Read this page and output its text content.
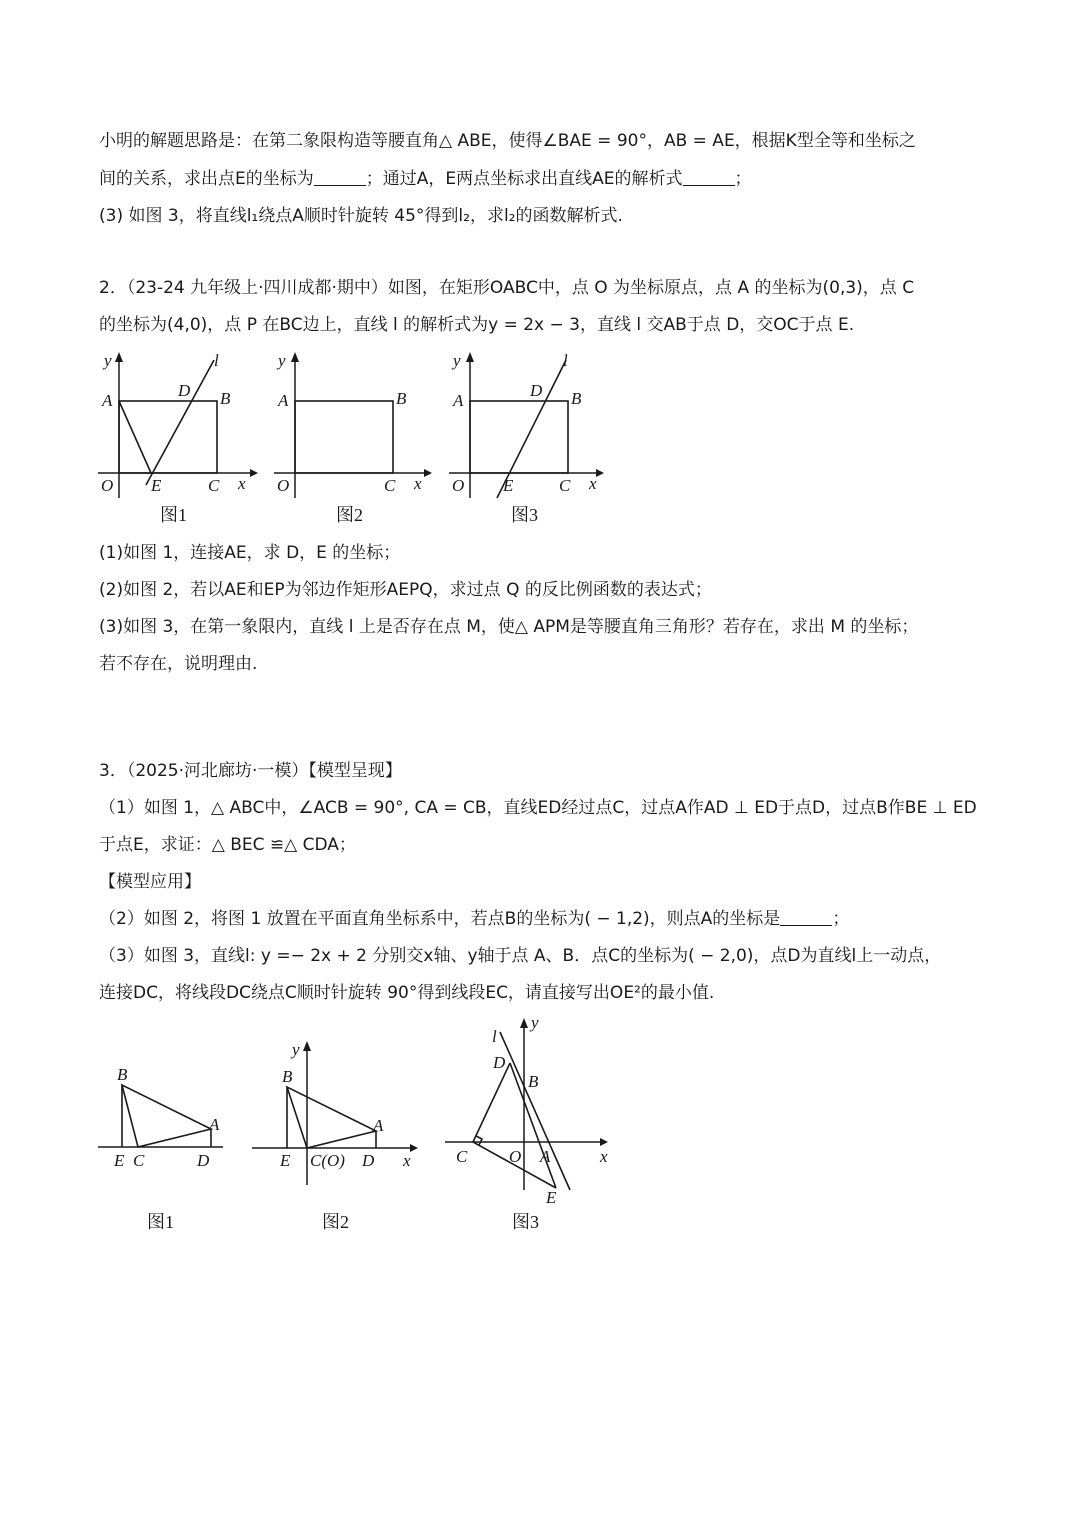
小明的解题思路是：在第二象限构造等腰直角△ ABE，使得∠BAE = 90°，AB = AE，根据K型全等和坐标之
间的关系，求出点E的坐标为	；通过A，E两点坐标求出直线AE的解析式	；
(3) 如图 3，将直线l₁绕点A顺时针旋转 45°得到l₂，求l₂的函数解析式.
2．（23-24 九年级上·四川成都·期中）如图，在矩形OABC中，点 O 为坐标原点，点 A 的坐标为(0,3)，点 C
的坐标为(4,0)，点 P 在BC边上，直线 l 的解析式为y = 2x − 3，直线 l 交AB于点 D，交OC于点 E.
y
A
D B
l
O E	C x
图1
y
A	B
O	C x
图2
y
A
D B
l
O E	C x
图3
(1)如图 1，连接AE，求 D，E 的坐标；
(2)如图 2，若以AE和EP为邻边作矩形AEPQ，求过点 Q 的反比例函数的表达式；
(3)如图 3，在第一象限内，直线 l 上是否存在点 M，使△ APM是等腰直角三角形？若存在，求出 M 的坐标；
若不存在，说明理由.
3．（2025·河北廊坊·一模）【模型呈现】
（1）如图 1，△ ABC中，∠ACB = 90°, CA = CB，直线ED经过点C，过点A作AD ⊥ ED于点D，过点B作BE ⊥ ED
于点E，求证：△ BEC ≌△ CDA；
【模型应用】
（2）如图 2，将图 1 放置在平面直角坐标系中，若点B的坐标为( − 1,2)，则点A的坐标是	；
（3）如图 3，直线l: y =− 2x + 2 分别交x轴、y轴于点 A、B．点C的坐标为( − 2,0)，点D为直线l上一动点，
连接DC，将线段DC绕点C顺时针旋转 90°得到线段EC，请直接写出OE²的最小值.
B
A
E C	D
图1
y
B
A
E C(O) D x
图2
l
y
D
B
C O A	x
E
图3
